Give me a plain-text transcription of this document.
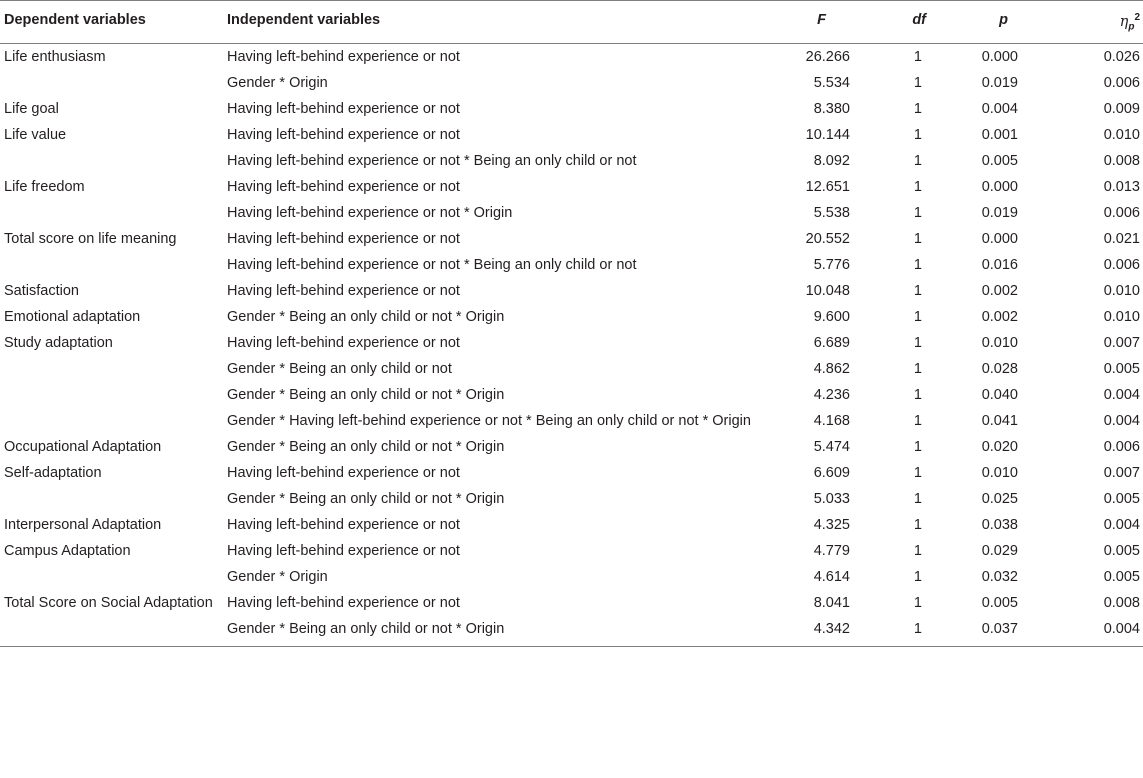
Dependent variables	Independent variables	F	df	p	$\eta_p^2$
Life enthusiasm	Having left-behind experience or not	26.266	1	0.000	0.026
	Gender * Origin	5.534	1	0.019	0.006
Life goal	Having left-behind experience or not	8.380	1	0.004	0.009
Life value	Having left-behind experience or not	10.144	1	0.001	0.010
	Having left-behind experience or not * Being an only child or not	8.092	1	0.005	0.008
Life freedom	Having left-behind experience or not	12.651	1	0.000	0.013
	Having left-behind experience or not * Origin	5.538	1	0.019	0.006
Total score on life meaning	Having left-behind experience or not	20.552	1	0.000	0.021
	Having left-behind experience or not * Being an only child or not	5.776	1	0.016	0.006
Satisfaction	Having left-behind experience or not	10.048	1	0.002	0.010
Emotional adaptation	Gender * Being an only child or not * Origin	9.600	1	0.002	0.010
Study adaptation	Having left-behind experience or not	6.689	1	0.010	0.007
	Gender * Being an only child or not	4.862	1	0.028	0.005
	Gender * Being an only child or not * Origin	4.236	1	0.040	0.004
	Gender * Having left-behind experience or not * Being an only child or not * Origin	4.168	1	0.041	0.004
Occupational Adaptation	Gender * Being an only child or not * Origin	5.474	1	0.020	0.006
Self-adaptation	Having left-behind experience or not	6.609	1	0.010	0.007
	Gender * Being an only child or not * Origin	5.033	1	0.025	0.005
Interpersonal Adaptation	Having left-behind experience or not	4.325	1	0.038	0.004
Campus Adaptation	Having left-behind experience or not	4.779	1	0.029	0.005
	Gender * Origin	4.614	1	0.032	0.005
Total Score on Social Adaptation	Having left-behind experience or not	8.041	1	0.005	0.008
	Gender * Being an only child or not * Origin	4.342	1	0.037	0.004
